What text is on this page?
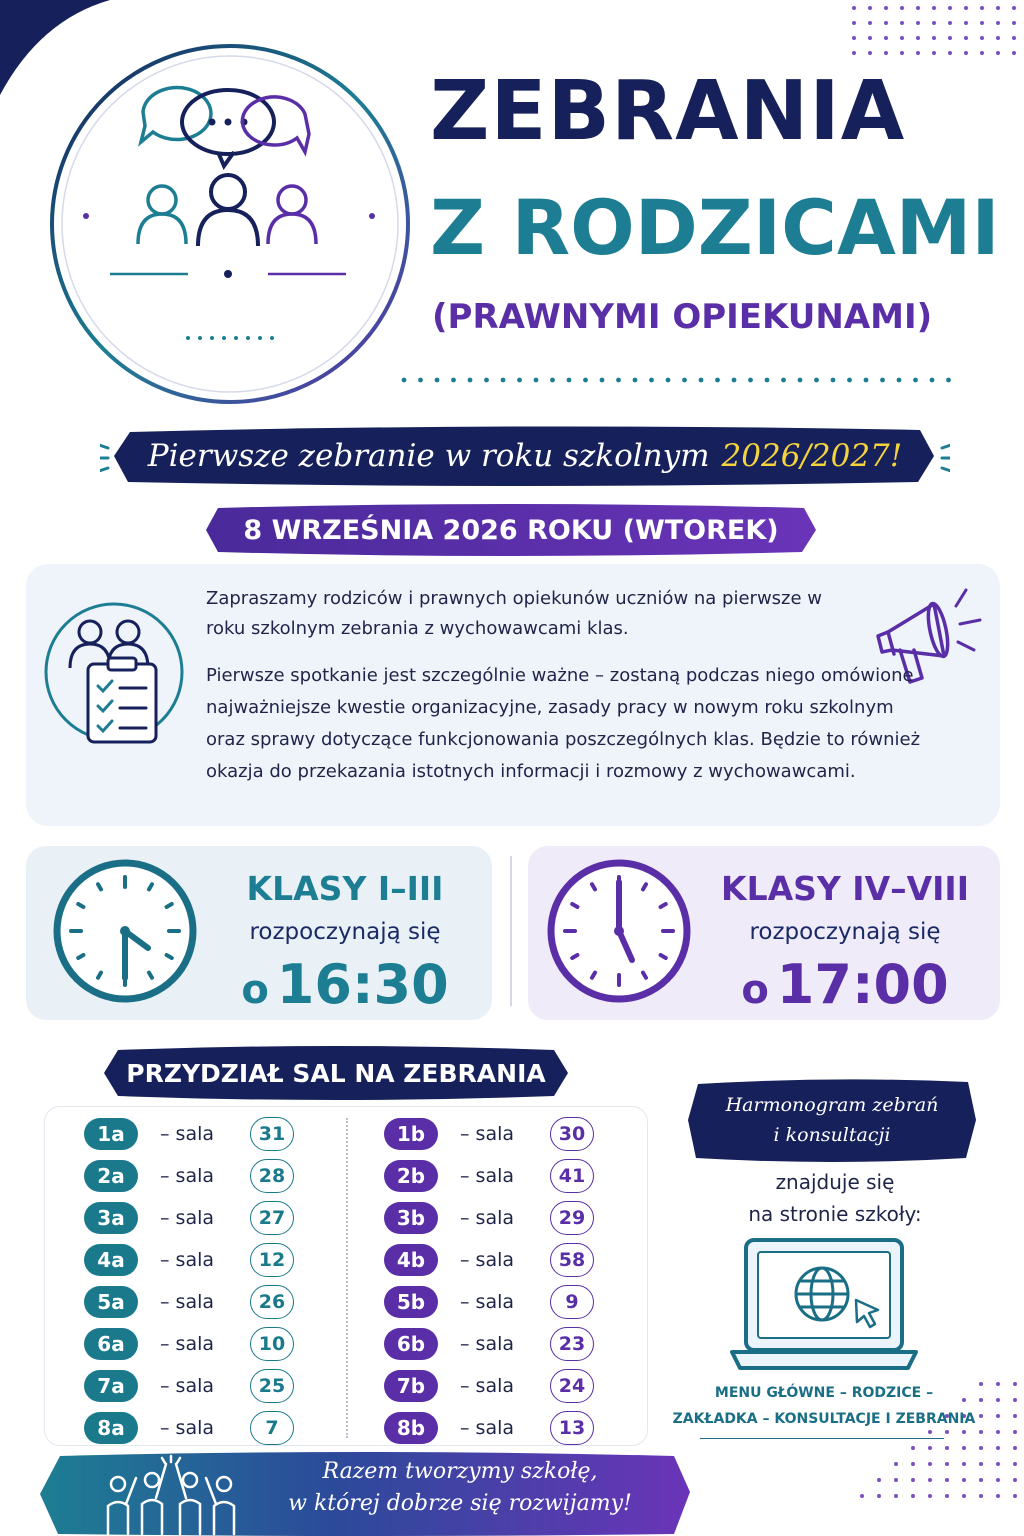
ZEBRANIA
Z RODZICAMI
(PRAWNYMI OPIEKUNAMI)
Pierwsze zebranie w roku szkolnym 2026/2027!
8 WRZEŚNIA 2026 ROKU (WTOREK)
Zapraszamy rodziców i prawnych opiekunów uczniów na pierwsze w roku szkolnym zebrania z wychowawcami klas.
Pierwsze spotkanie jest szczególnie ważne – zostaną podczas niego omówione najważniejsze kwestie organizacyjne, zasady pracy w nowym roku szkolnym oraz sprawy dotyczące funkcjonowania poszczególnych klas. Będzie to również okazja do przekazania istotnych informacji i rozmowy z wychowawcami.
KLASY I–III
rozpoczynają się
o 16:30
KLASY IV–VIII
rozpoczynają się
o 17:00
PRZYDZIAŁ SAL NA ZEBRANIA
1a	– sala	31
2a	– sala	28
3a	– sala	27
4a	– sala	12
5a	– sala	26
6a	– sala	10
7a	– sala	25
8a	– sala	7
1b	– sala	30
2b	– sala	41
3b	– sala	29
4b	– sala	58
5b	– sala	9
6b	– sala	23
7b	– sala	24
8b	– sala	13
Harmonogram zebrań
i konsultacji
znajduje się
na stronie szkoły:
MENU GŁÓWNE – RODZICE –
ZAKŁADKA – KONSULTACJE I ZEBRANIA
Razem tworzymy szkołę,
w której dobrze się rozwijamy!
